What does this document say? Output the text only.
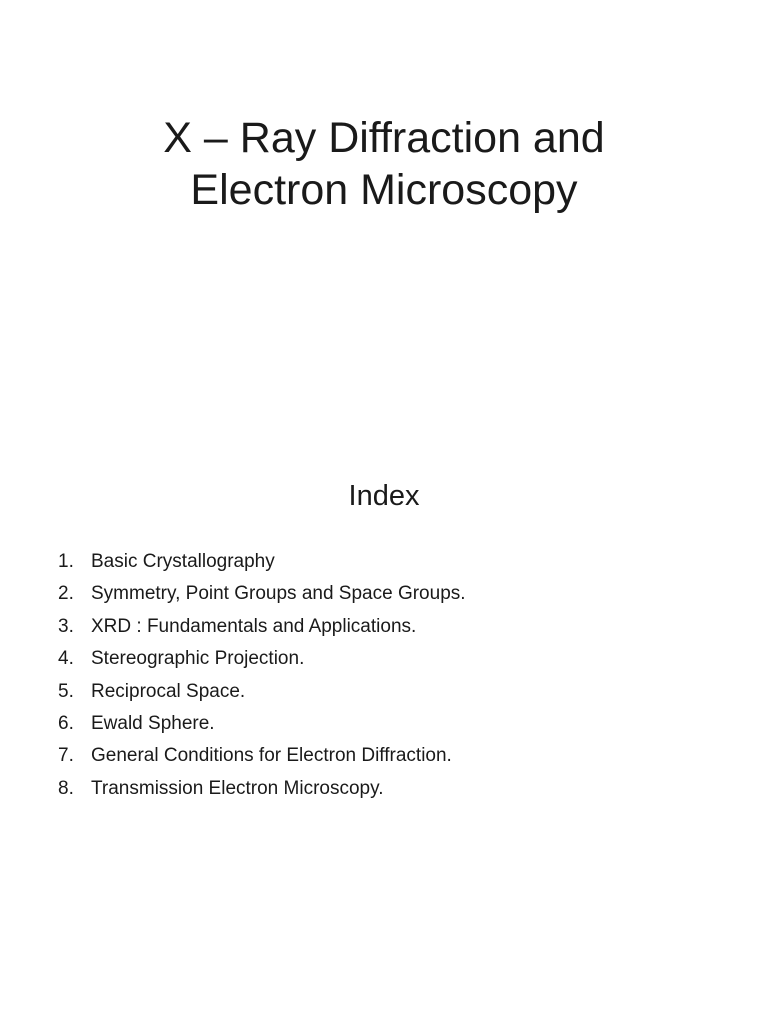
X – Ray Diffraction and
Electron Microscopy
Index
1. Basic Crystallography
2. Symmetry, Point Groups and Space Groups.
3. XRD : Fundamentals and Applications.
4. Stereographic Projection.
5. Reciprocal Space.
6. Ewald Sphere.
7. General Conditions for Electron Diffraction.
8. Transmission Electron Microscopy.
